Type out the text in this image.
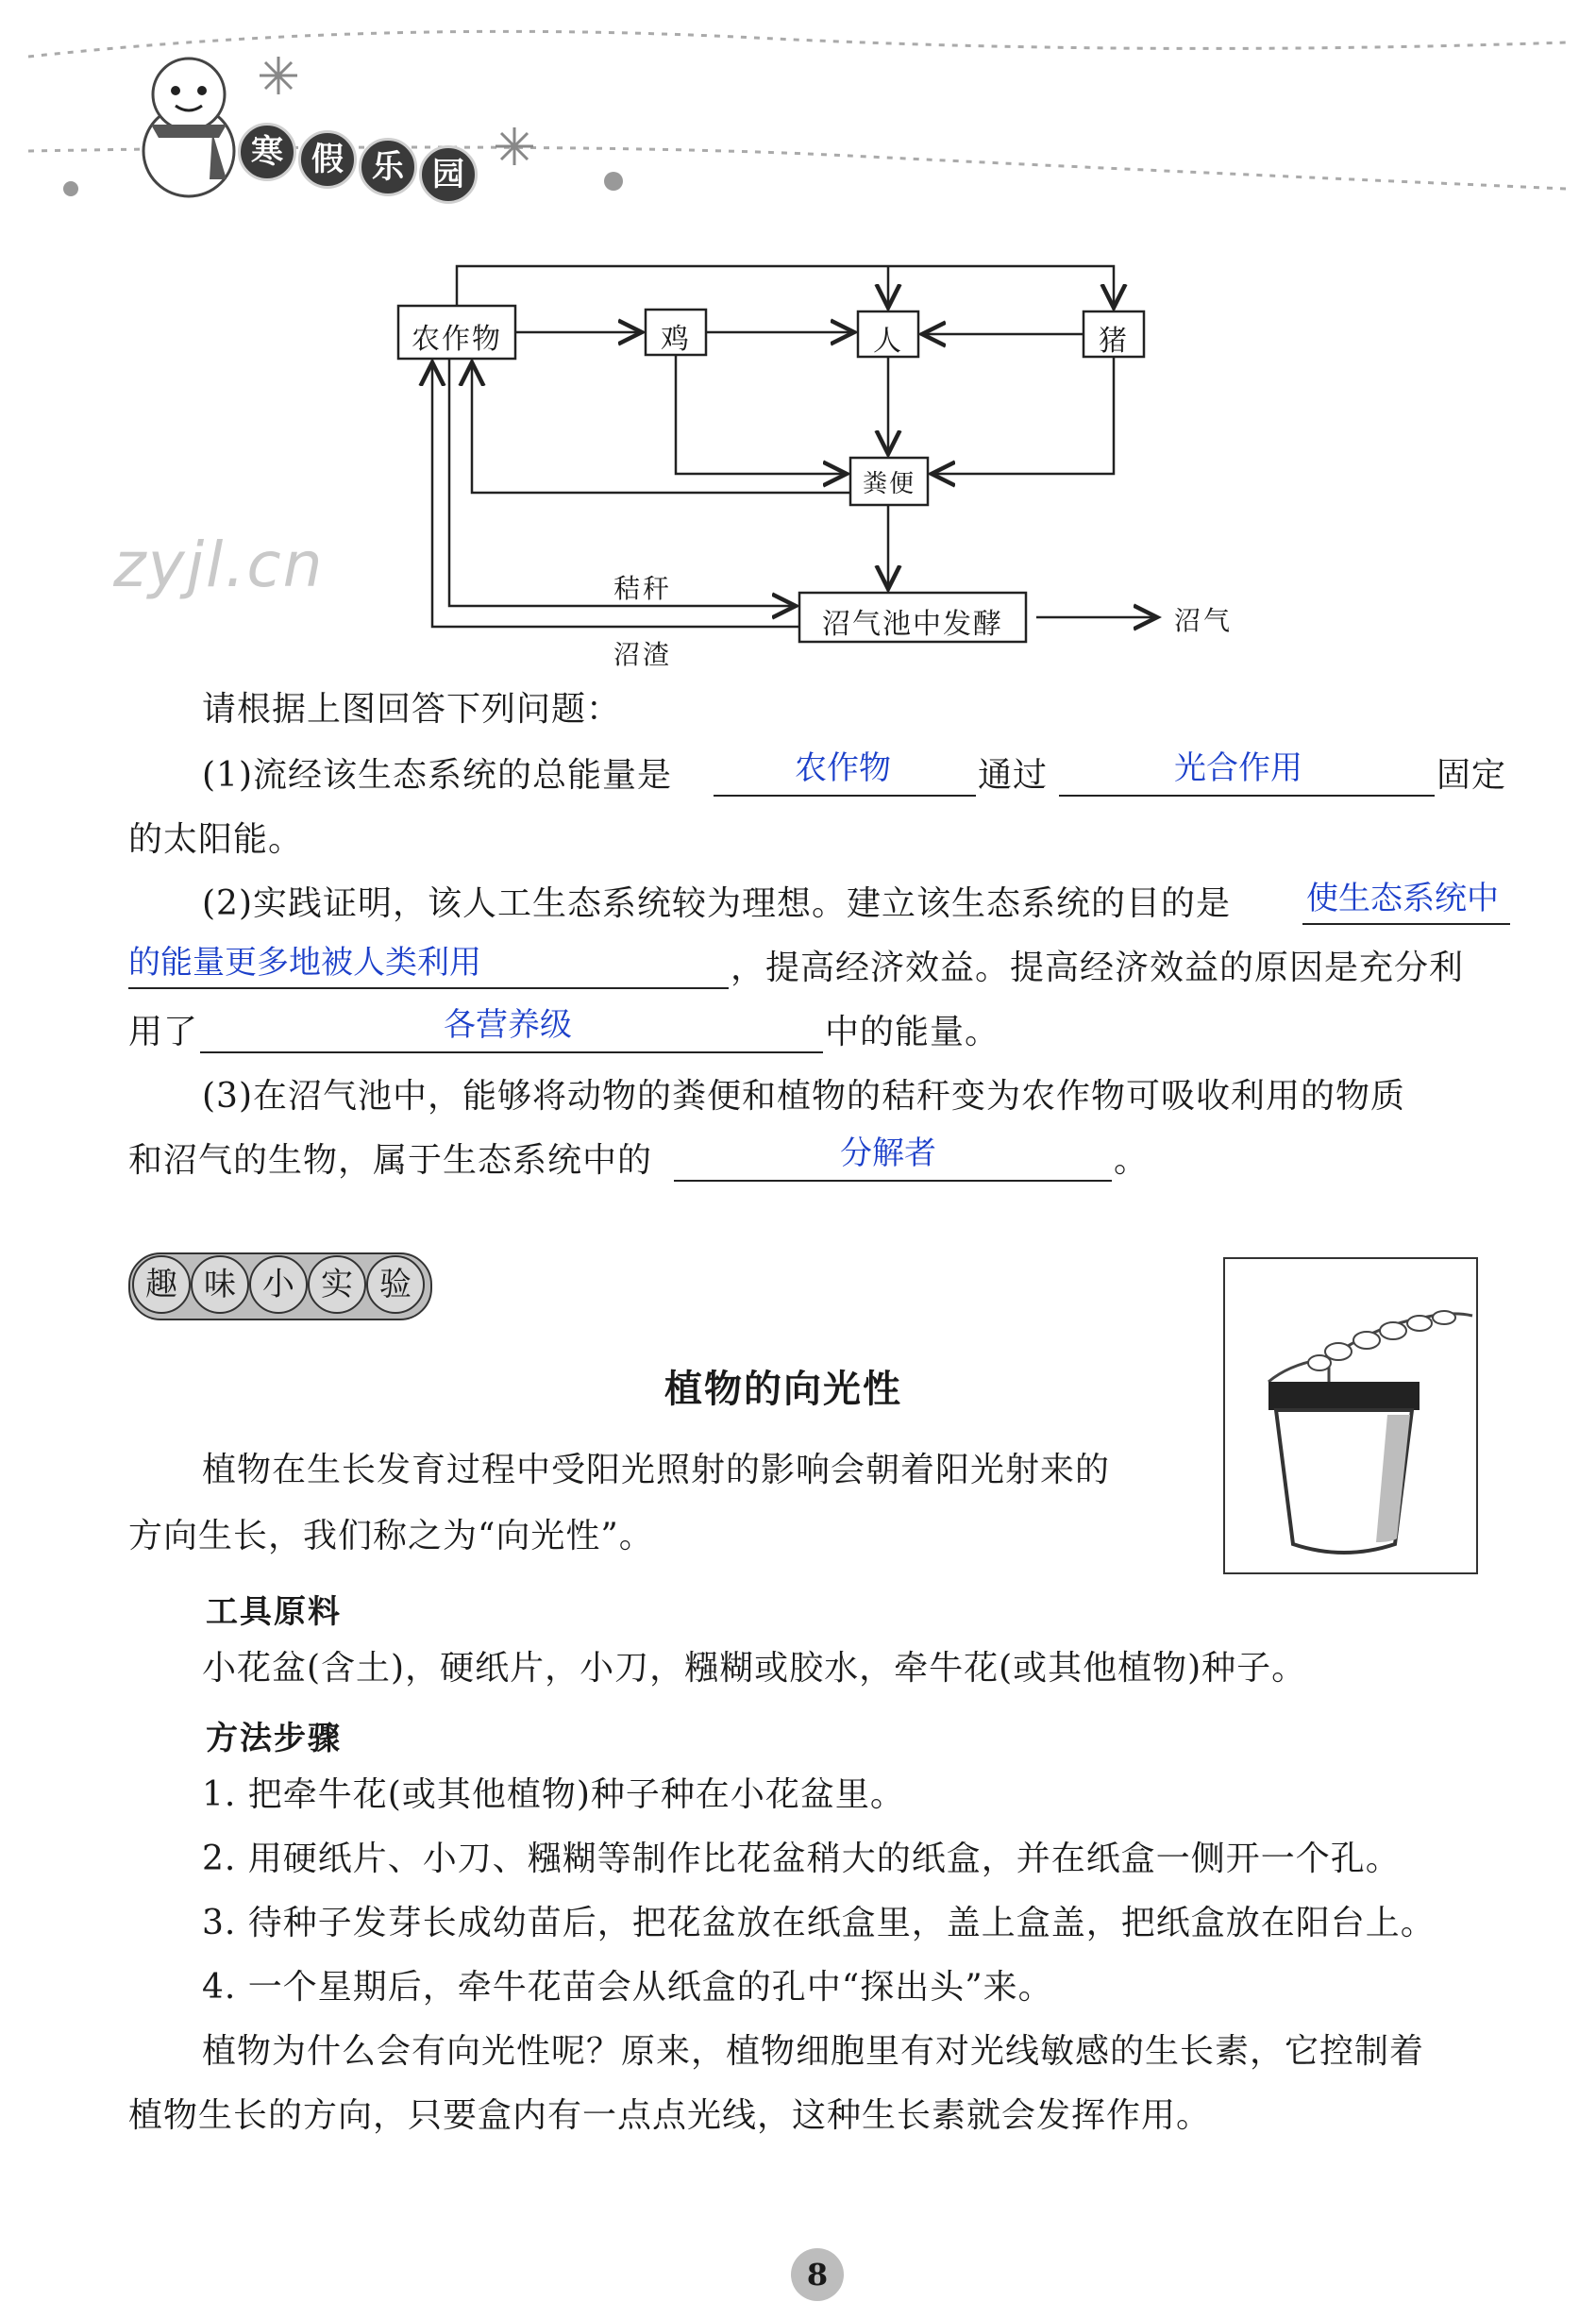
寒 假 乐 园
农作物	鸡	人	猪
粪便
沼气池中发酵
秸秆
沼渣
沼气
zyjl.cn
请根据上图回答下列问题：
(1)流经该生态系统的总能量是	农作物	通过	光合作用	固定
的太阳能。
(2)实践证明，该人工生态系统较为理想。建立该生态系统的目的是 使生态系统中
的能量更多地被人类利用	，提高经济效益。提高经济效益的原因是充分利
用了	各营养级	中的能量。
(3)在沼气池中，能够将动物的粪便和植物的秸秆变为农作物可吸收利用的物质
和沼气的生物，属于生态系统中的	分解者	。
趣 味 小 实 验
植物的向光性
植物在生长发育过程中受阳光照射的影响会朝着阳光射来的
方向生长，我们称之为“向光性”。
工具原料
小花盆(含土)，硬纸片，小刀，糨糊或胶水，牵牛花(或其他植物)种子。
方法步骤
1. 把牵牛花(或其他植物)种子种在小花盆里。
2. 用硬纸片、小刀、糨糊等制作比花盆稍大的纸盒，并在纸盒一侧开一个孔。
3. 待种子发芽长成幼苗后，把花盆放在纸盒里，盖上盒盖，把纸盒放在阳台上。
4. 一个星期后，牵牛花苗会从纸盒的孔中“探出头”来。
植物为什么会有向光性呢？原来，植物细胞里有对光线敏感的生长素，它控制着
植物生长的方向，只要盒内有一点点光线，这种生长素就会发挥作用。
8
